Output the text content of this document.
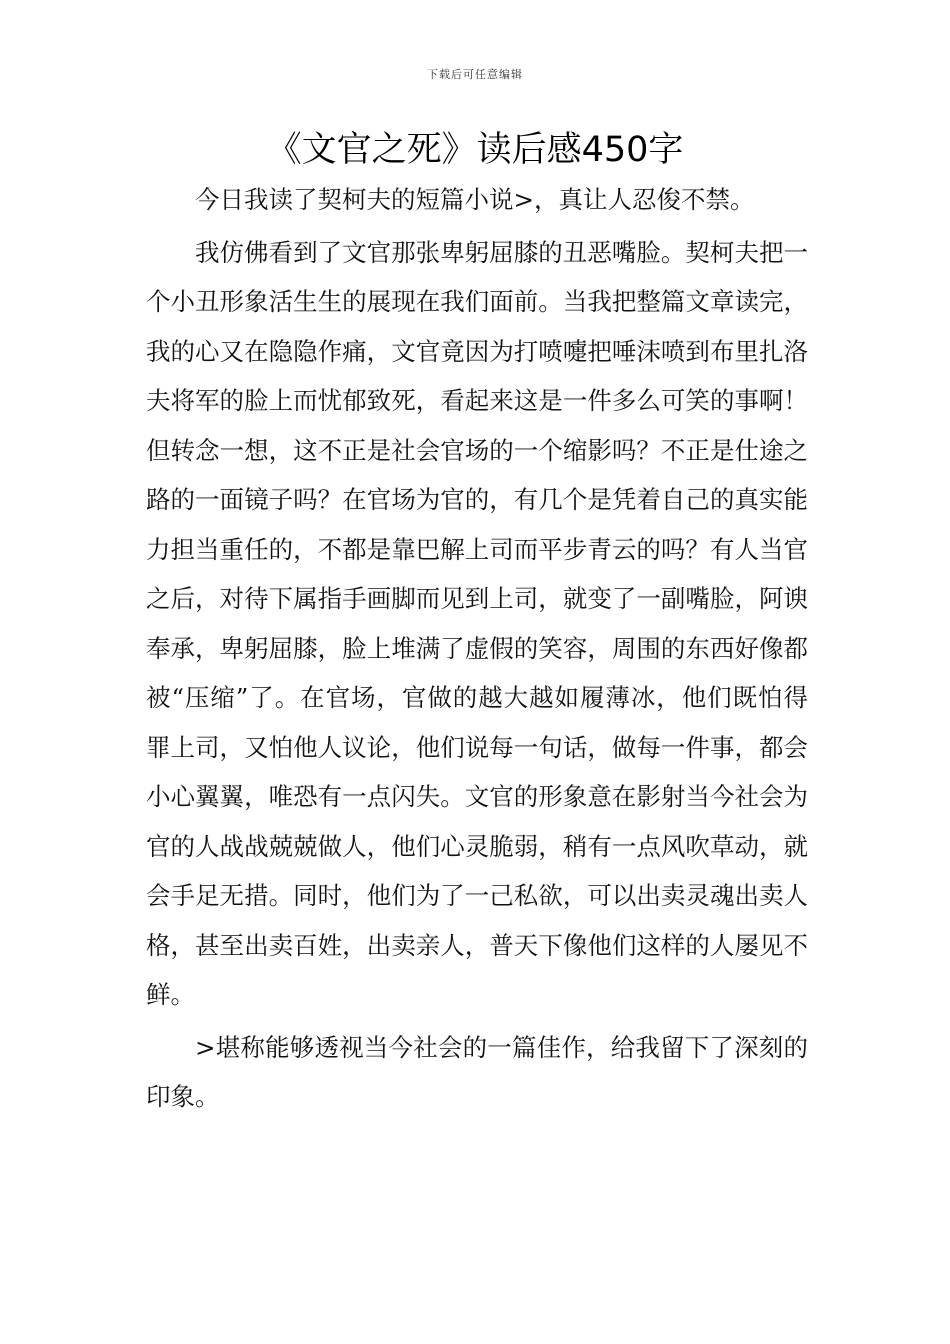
下载后可任意编辑
《文官之死》读后感450字

今日我读了契柯夫的短篇小说>，真让人忍俊不禁。

我仿佛看到了文官那张卑躬屈膝的丑恶嘴脸。契柯夫把一个小丑形象活生生的展现在我们面前。当我把整篇文章读完，我的心又在隐隐作痛，文官竟因为打喷嚏把唾沫喷到布里扎洛夫将军的脸上而忧郁致死，看起来这是一件多么可笑的事啊！但转念一想，这不正是社会官场的一个缩影吗？不正是仕途之路的一面镜子吗？在官场为官的，有几个是凭着自己的真实能力担当重任的，不都是靠巴解上司而平步青云的吗？有人当官之后，对待下属指手画脚而见到上司，就变了一副嘴脸，阿谀奉承，卑躬屈膝，脸上堆满了虚假的笑容，周围的东西好像都被“压缩”了。在官场，官做的越大越如履薄冰，他们既怕得罪上司，又怕他人议论，他们说每一句话，做每一件事，都会小心翼翼，唯恐有一点闪失。文官的形象意在影射当今社会为官的人战战兢兢做人，他们心灵脆弱，稍有一点风吹草动，就会手足无措。同时，他们为了一己私欲，可以出卖灵魂出卖人格，甚至出卖百姓，出卖亲人，普天下像他们这样的人屡见不鲜。

>堪称能够透视当今社会的一篇佳作，给我留下了深刻的印象。
